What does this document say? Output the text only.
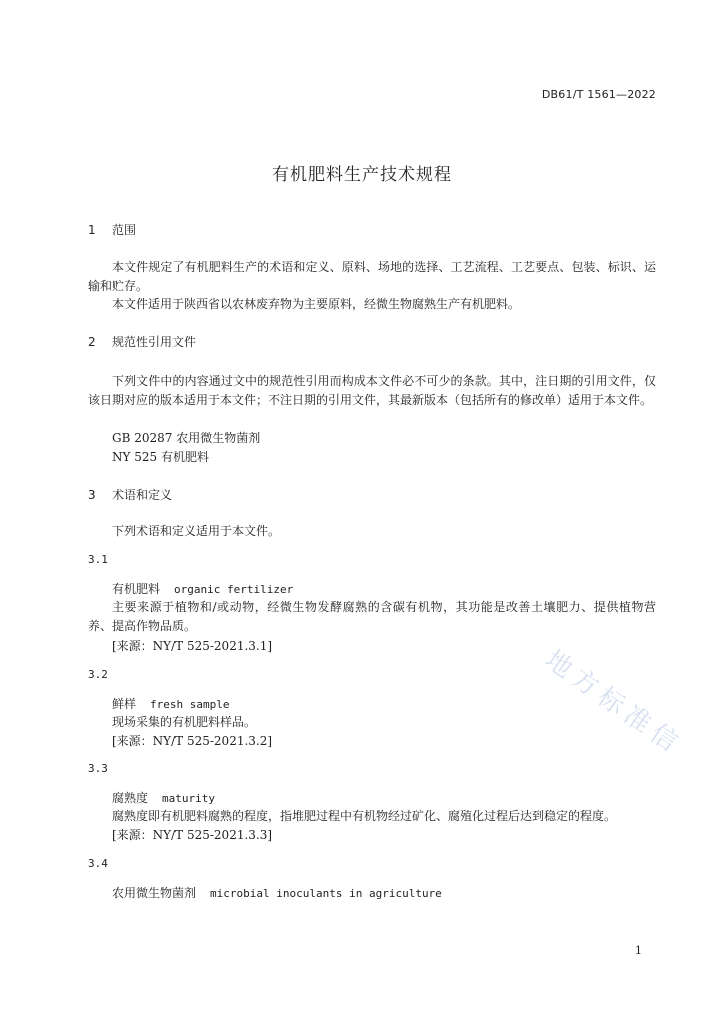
DB61/T 1561—2022
有机肥料生产技术规程
1 范围
本文件规定了有机肥料生产的术语和定义、原料、场地的选择、工艺流程、工艺要点、包装、标识、运输和贮存。
本文件适用于陕西省以农林废弃物为主要原料，经微生物腐熟生产有机肥料。
2 规范性引用文件
下列文件中的内容通过文中的规范性引用而构成本文件必不可少的条款。其中，注日期的引用文件，仅该日期对应的版本适用于本文件；不注日期的引用文件，其最新版本（包括所有的修改单）适用于本文件。
GB 20287 农用微生物菌剂
NY 525 有机肥料
3 术语和定义
下列术语和定义适用于本文件。
3.1
有机肥料 organic fertilizer
主要来源于植物和/或动物，经微生物发酵腐熟的含碳有机物，其功能是改善土壤肥力、提供植物营养、提高作物品质。
[来源：NY/T 525-2021.3.1]
3.2
鲜样 fresh sample
现场采集的有机肥料样品。
[来源：NY/T 525-2021.3.2]
3.3
腐熟度 maturity
腐熟度即有机肥料腐熟的程度，指堆肥过程中有机物经过矿化、腐殖化过程后达到稳定的程度。
[来源：NY/T 525-2021.3.3]
3.4
农用微生物菌剂 microbial inoculants in agriculture
地方标准信
1
